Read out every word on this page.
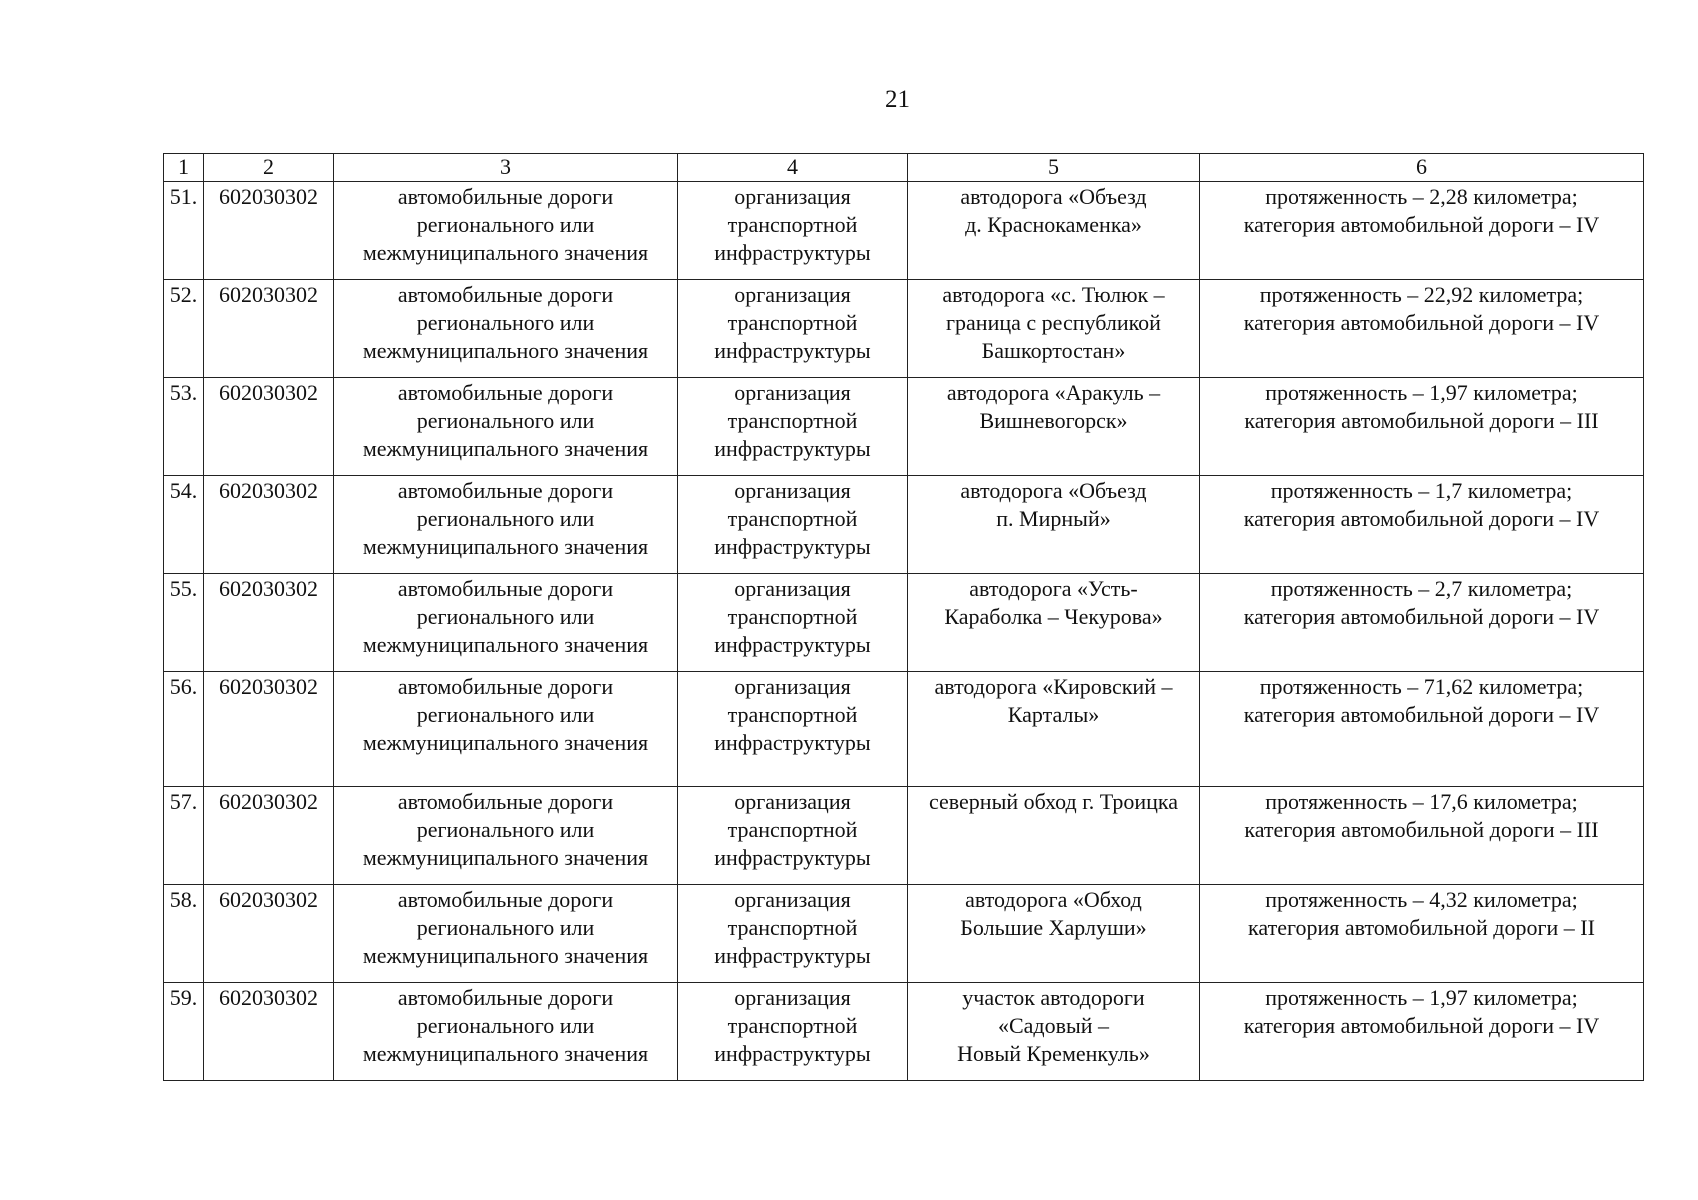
21
1	2	3	4	5	6
51.	602030302	автомобильные дороги
регионального или
межмуниципального значения	организация
транспортной
инфраструктуры	автодорога «Объезд
д. Краснокаменка»	протяженность – 2,28 километра;
категория автомобильной дороги – IV

52.	602030302	автомобильные дороги
регионального или
межмуниципального значения	организация
транспортной
инфраструктуры	автодорога «с. Тюлюк –
граница с республикой
Башкортостан»	протяженность – 22,92 километра;
категория автомобильной дороги – IV

53.	602030302	автомобильные дороги
регионального или
межмуниципального значения	организация
транспортной
инфраструктуры	автодорога «Аракуль –
Вишневогорск»	протяженность – 1,97 километра;
категория автомобильной дороги – III

54.	602030302	автомобильные дороги
регионального или
межмуниципального значения	организация
транспортной
инфраструктуры	автодорога «Объезд
п. Мирный»	протяженность – 1,7 километра;
категория автомобильной дороги – IV

55.	602030302	автомобильные дороги
регионального или
межмуниципального значения	организация
транспортной
инфраструктуры	автодорога «Усть-
Караболка – Чекурова»	протяженность – 2,7 километра;
категория автомобильной дороги – IV

56.	602030302	автомобильные дороги
регионального или
межмуниципального значения	организация
транспортной
инфраструктуры	автодорога «Кировский –
Карталы»	протяженность – 71,62 километра;
категория автомобильной дороги – IV

57.	602030302	автомобильные дороги
регионального или
межмуниципального значения	организация
транспортной
инфраструктуры	северный обход г. Троицка	протяженность – 17,6 километра;
категория автомобильной дороги – III

58.	602030302	автомобильные дороги
регионального или
межмуниципального значения	организация
транспортной
инфраструктуры	автодорога «Обход
Большие Харлуши»	протяженность – 4,32 километра;
категория автомобильной дороги – II

59.	602030302	автомобильные дороги
регионального или
межмуниципального значения	организация
транспортной
инфраструктуры	участок автодороги
«Садовый –
Новый Кременкуль»	протяженность – 1,97 километра;
категория автомобильной дороги – IV
